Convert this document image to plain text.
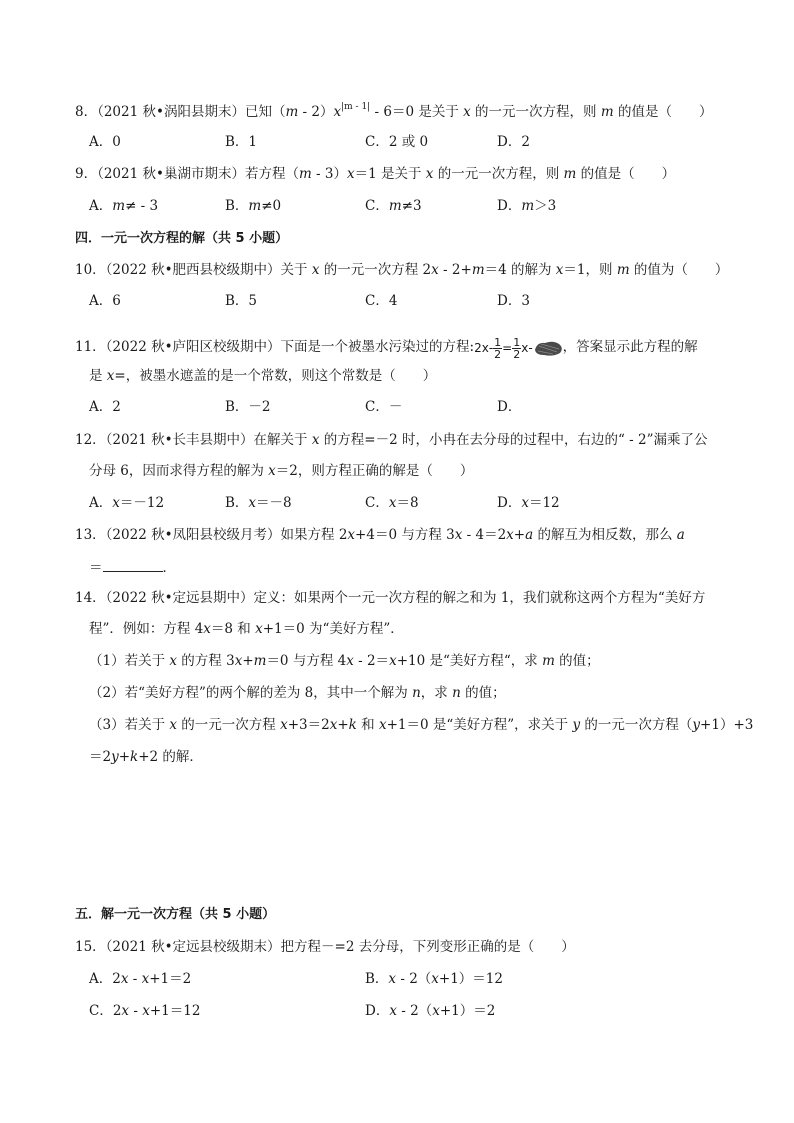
8．（2021 秋•涡阳县期末）已知$(m - 2)x^{|m - 1|} - 6=0$ 是关于 x 的一元一次方程，则 m 的值是（　　）
A．0	B．1	C．2 或 0	D．2
9．（2021 秋•巢湖市期末）若方程（m - 3）x＝1 是关于 x 的一元一次方程，则 m 的值是（　　）
A．m≠ - 3	B．m≠0	C．m≠3	D．m＞3
四．一元一次方程的解（共 5 小题）
10．（2022 秋•肥西县校级期中）关于 x 的一元一次方程 2x - 2+m＝4 的解为 x＝1，则 m 的值为（　　）
A．6	B．5	C．4	D．3
11．（2022 秋•庐阳区校级期中）下面是一个被墨水污染过的方程:2x- $\frac{1}{2} = \frac{1}{2} x-$ ，答案显示此方程的解
是 x=，被墨水遮盖的是一个常数，则这个常数是（　　）
A．2	B．－2	C．－	D．
12．（2021 秋•长丰县期中）在解关于 x 的方程=－2 时，小冉在去分母的过程中，右边的“ - 2”漏乘了公
分母 6，因而求得方程的解为 x＝2，则方程正确的解是（　　）
A．x＝－12	B．x＝－8	C．x＝8	D．x＝12
13．（2022 秋•凤阳县校级月考）如果方程 2x+4＝0 与方程 3x - 4＝2x+a 的解互为相反数，那么 a
＝	．
14．（2022 秋•定远县期中）定义：如果两个一元一次方程的解之和为 1，我们就称这两个方程为“美好方
程”．例如：方程 4x＝8 和 x+1＝0 为“美好方程”．
（1）若关于 x 的方程 3x+m＝0 与方程 4x - 2＝x+10 是“美好方程“，求 m 的值；
（2）若“美好方程”的两个解的差为 8，其中一个解为 n，求 n 的值；
（3）若关于 x 的一元一次方程 x+3＝2x+k 和 x+1＝0 是“美好方程”，求关于 y 的一元一次方程（y+1）+3
＝2y+k+2 的解．
五．解一元一次方程（共 5 小题）
15．（2021 秋•定远县校级期末）把方程－=2 去分母，下列变形正确的是（　　）
A．2x - x+1＝2	B．x - 2（x+1）＝12
C．2x - x+1＝12	D．x - 2（x+1）＝2
